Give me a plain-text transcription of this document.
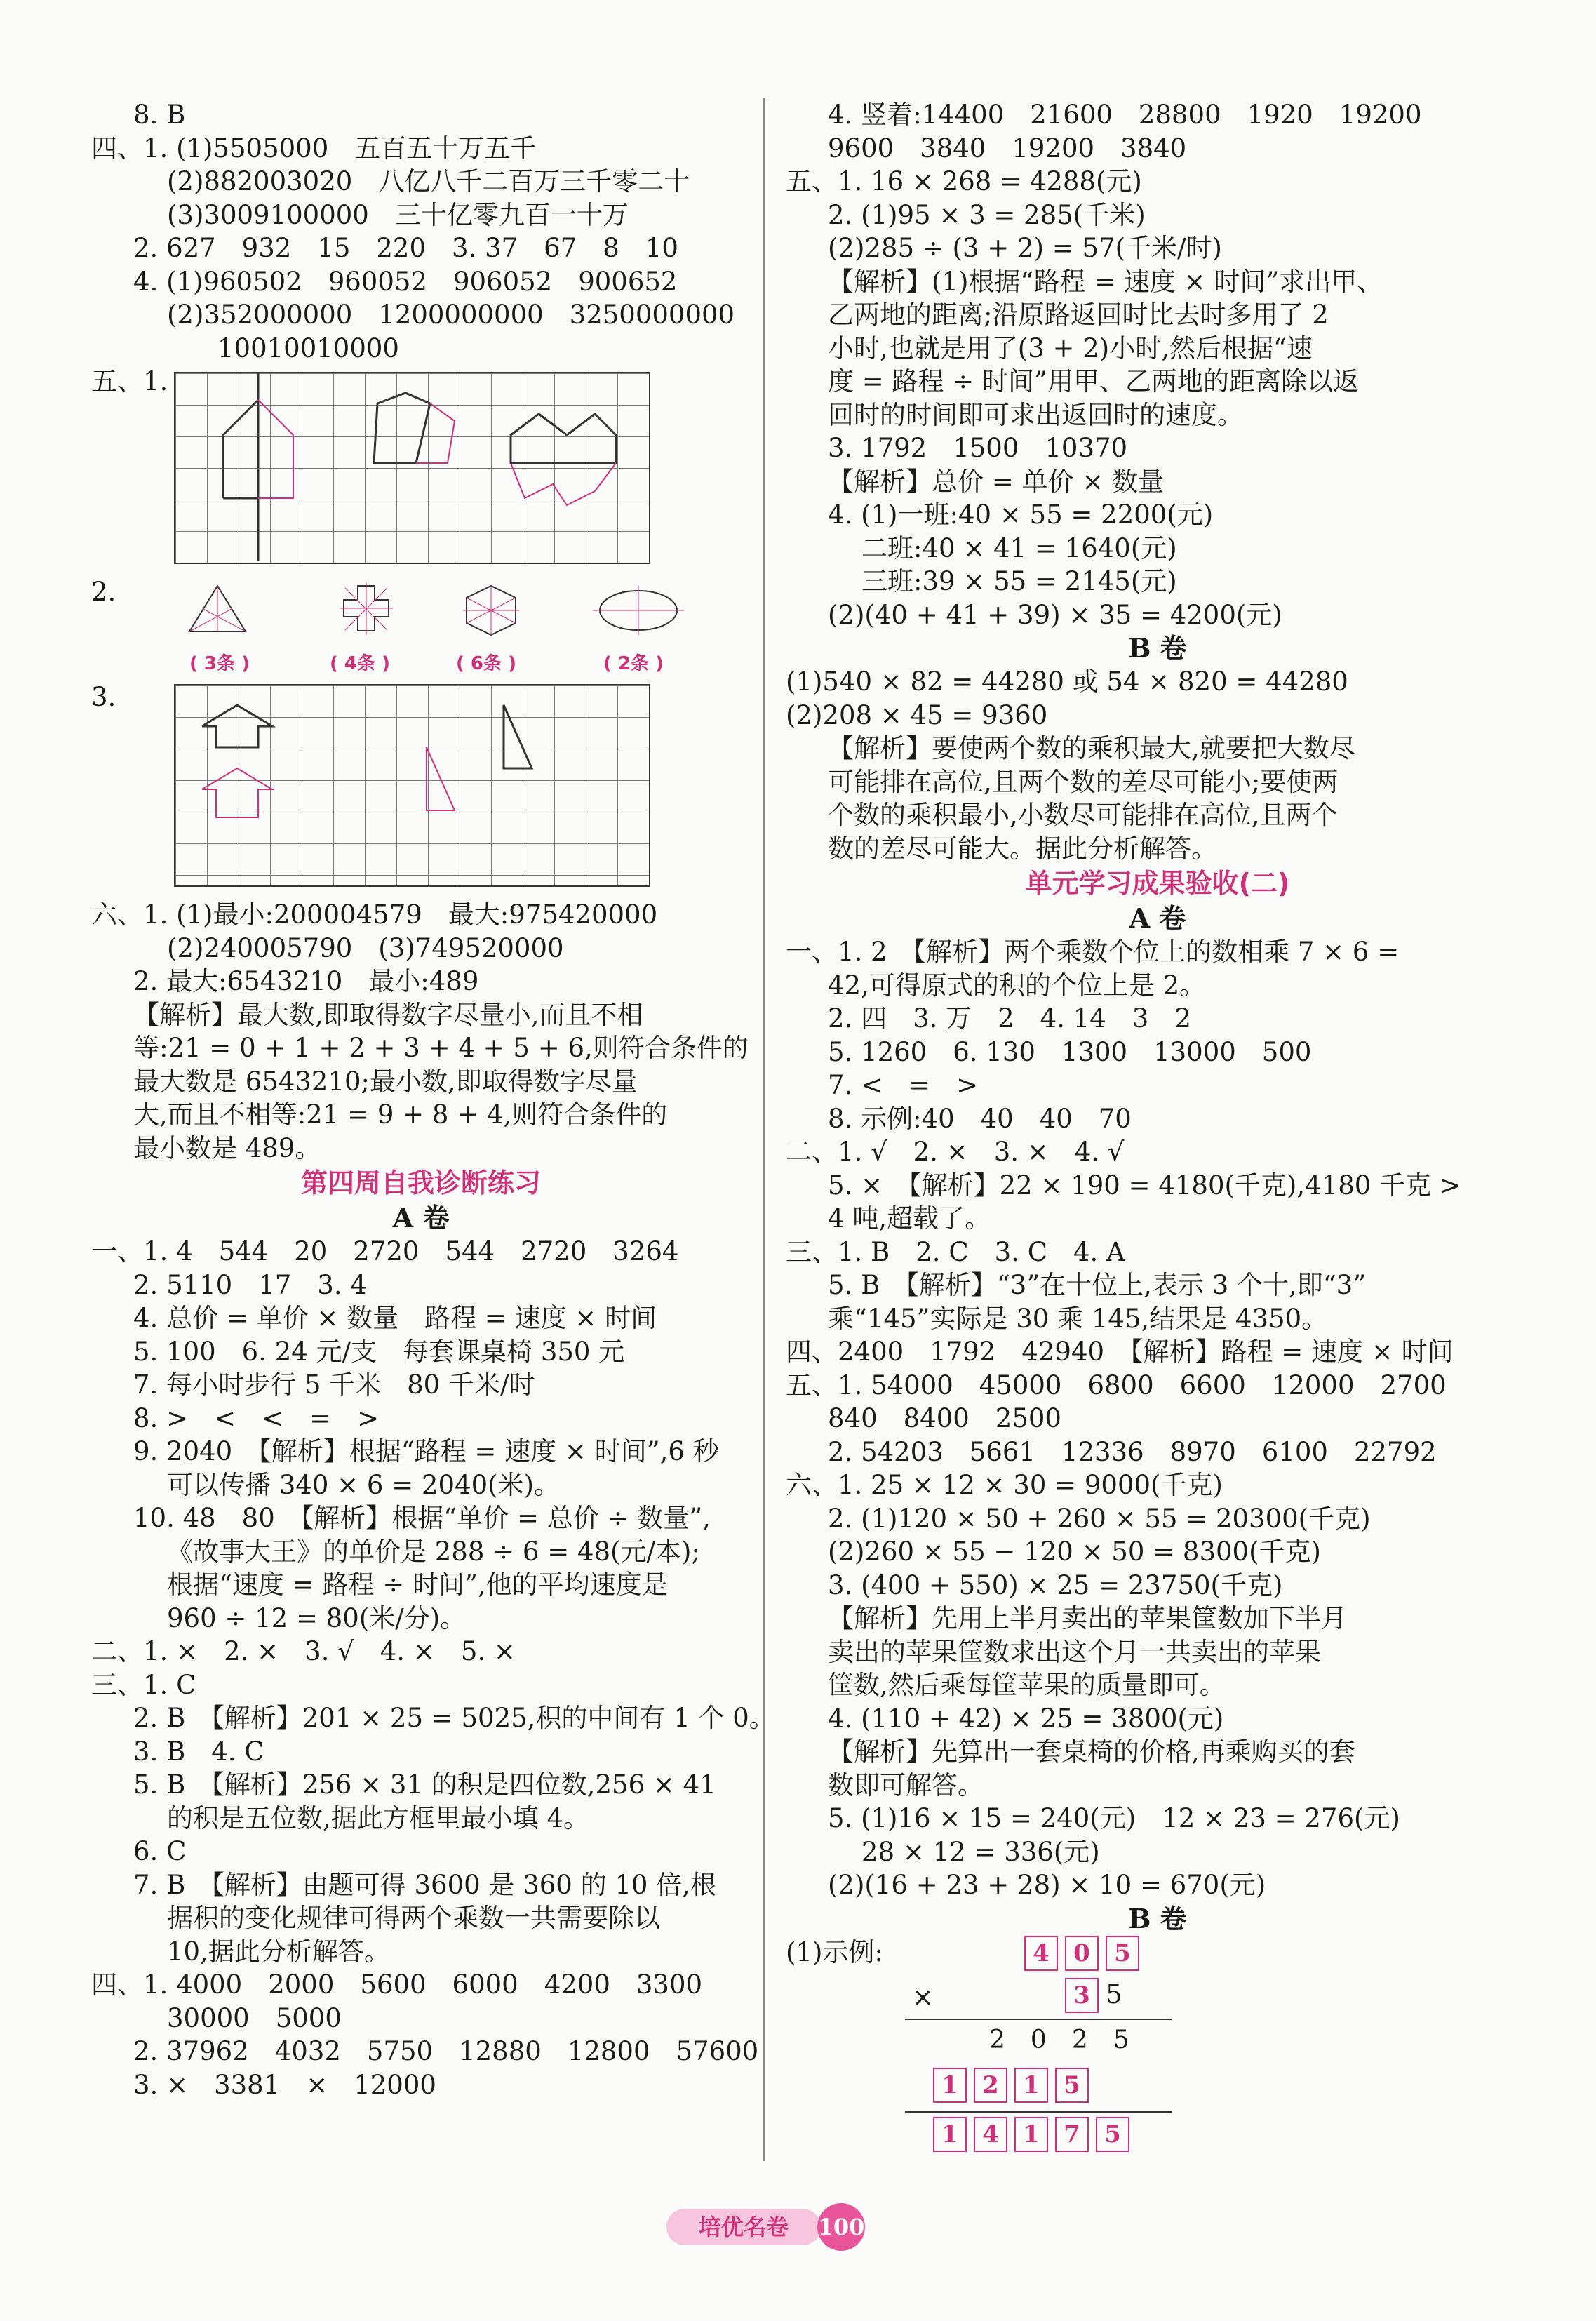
8. B
四、1. (1)5505000　五百五十万五千
(2)882003020　八亿八千二百万三千零二十
(3)3009100000　三十亿零九百一十万
2. 627　932　15　220　3. 37　67　8　10
4. (1)960502　960052　906052　900652
(2)352000000　1200000000　3250000000
10010010000
五、1.
2.
( 3条 )	( 4条 )	( 6条 )	( 2条 )
3.
六、1. (1)最小:200004579　最大:975420000
(2)240005790　(3)749520000
2. 最大:6543210　最小:489
【解析】最大数,即取得数字尽量小,而且不相
等:21 = 0 + 1 + 2 + 3 + 4 + 5 + 6,则符合条件的
最大数是 6543210;最小数,即取得数字尽量
大,而且不相等:21 = 9 + 8 + 4,则符合条件的
最小数是 489。
第四周自我诊断练习
A 卷
一、1. 4　544　20　2720　544　2720　3264
2. 5110　17　3. 4
4. 总价 = 单价 × 数量　路程 = 速度 × 时间
5. 100　6. 24 元/支　每套课桌椅 350 元
7. 每小时步行 5 千米　80 千米/时
8. >　<　<　=　>
9. 2040　【解析】根据“路程 = 速度 × 时间”,6 秒
可以传播 340 × 6 = 2040(米)。
10. 48　80　【解析】根据“单价 = 总价 ÷ 数量”,
《故事大王》的单价是 288 ÷ 6 = 48(元/本);
根据“速度 = 路程 ÷ 时间”,他的平均速度是
960 ÷ 12 = 80(米/分)。
二、1. ×　2. ×　3. √　4. ×　5. ×
三、1. C
2. B　【解析】201 × 25 = 5025,积的中间有 1 个 0。
3. B　4. C
5. B　【解析】256 × 31 的积是四位数,256 × 41
的积是五位数,据此方框里最小填 4。
6. C
7. B　【解析】由题可得 3600 是 360 的 10 倍,根
据积的变化规律可得两个乘数一共需要除以
10,据此分析解答。
四、1. 4000　2000　5600　6000　4200　3300
30000　5000
2. 37962　4032　5750　12880　12800　57600
3. ×　3381　×　12000
4. 竖着:14400　21600　28800　1920　19200
9600　3840　19200　3840
五、1. 16 × 268 = 4288(元)
2. (1)95 × 3 = 285(千米)
(2)285 ÷ (3 + 2) = 57(千米/时)
【解析】(1)根据“路程 = 速度 × 时间”求出甲、
乙两地的距离;沿原路返回时比去时多用了 2
小时,也就是用了(3 + 2)小时,然后根据“速
度 = 路程 ÷ 时间”用甲、乙两地的距离除以返
回时的时间即可求出返回时的速度。
3. 1792　1500　10370
【解析】总价 = 单价 × 数量
4. (1)一班:40 × 55 = 2200(元)
二班:40 × 41 = 1640(元)
三班:39 × 55 = 2145(元)
(2)(40 + 41 + 39) × 35 = 4200(元)
B 卷
(1)540 × 82 = 44280 或 54 × 820 = 44280
(2)208 × 45 = 9360
【解析】要使两个数的乘积最大,就要把大数尽
可能排在高位,且两个数的差尽可能小;要使两
个数的乘积最小,小数尽可能排在高位,且两个
数的差尽可能大。据此分析解答。
单元学习成果验收(二)
A 卷
一、1. 2　【解析】两个乘数个位上的数相乘 7 × 6 =
42,可得原式的积的个位上是 2。
2. 四　3. 万　2　4. 14　3　2
5. 1260　6. 130　1300　13000　500
7. <　=　>
8. 示例:40　40　40　70
二、1. √　2. ×　3. ×　4. √
5. ×　【解析】22 × 190 = 4180(千克),4180 千克 >
4 吨,超载了。
三、1. B　2. C　3. C　4. A
5. B　【解析】“3”在十位上,表示 3 个十,即“3”
乘“145”实际是 30 乘 145,结果是 4350。
四、2400　1792　42940　【解析】路程 = 速度 × 时间
五、1. 54000　45000　6800　6600　12000　2700
840　8400　2500
2. 54203　5661　12336　8970　6100　22792
六、1. 25 × 12 × 30 = 9000(千克)
2. (1)120 × 50 + 260 × 55 = 20300(千克)
(2)260 × 55 − 120 × 50 = 8300(千克)
3. (400 + 550) × 25 = 23750(千克)
【解析】先用上半月卖出的苹果筐数加下半月
卖出的苹果筐数求出这个月一共卖出的苹果
筐数,然后乘每筐苹果的质量即可。
4. (110 + 42) × 25 = 3800(元)
【解析】先算出一套桌椅的价格,再乘购买的套
数即可解答。
5. (1)16 × 15 = 240(元)　12 × 23 = 276(元)
28 × 12 = 336(元)
(2)(16 + 23 + 28) × 10 = 670(元)
B 卷
(1)示例:	4 0 5
×	3 5
2025
1 2 1 5
1 4 1 7 5
培优名卷	100
